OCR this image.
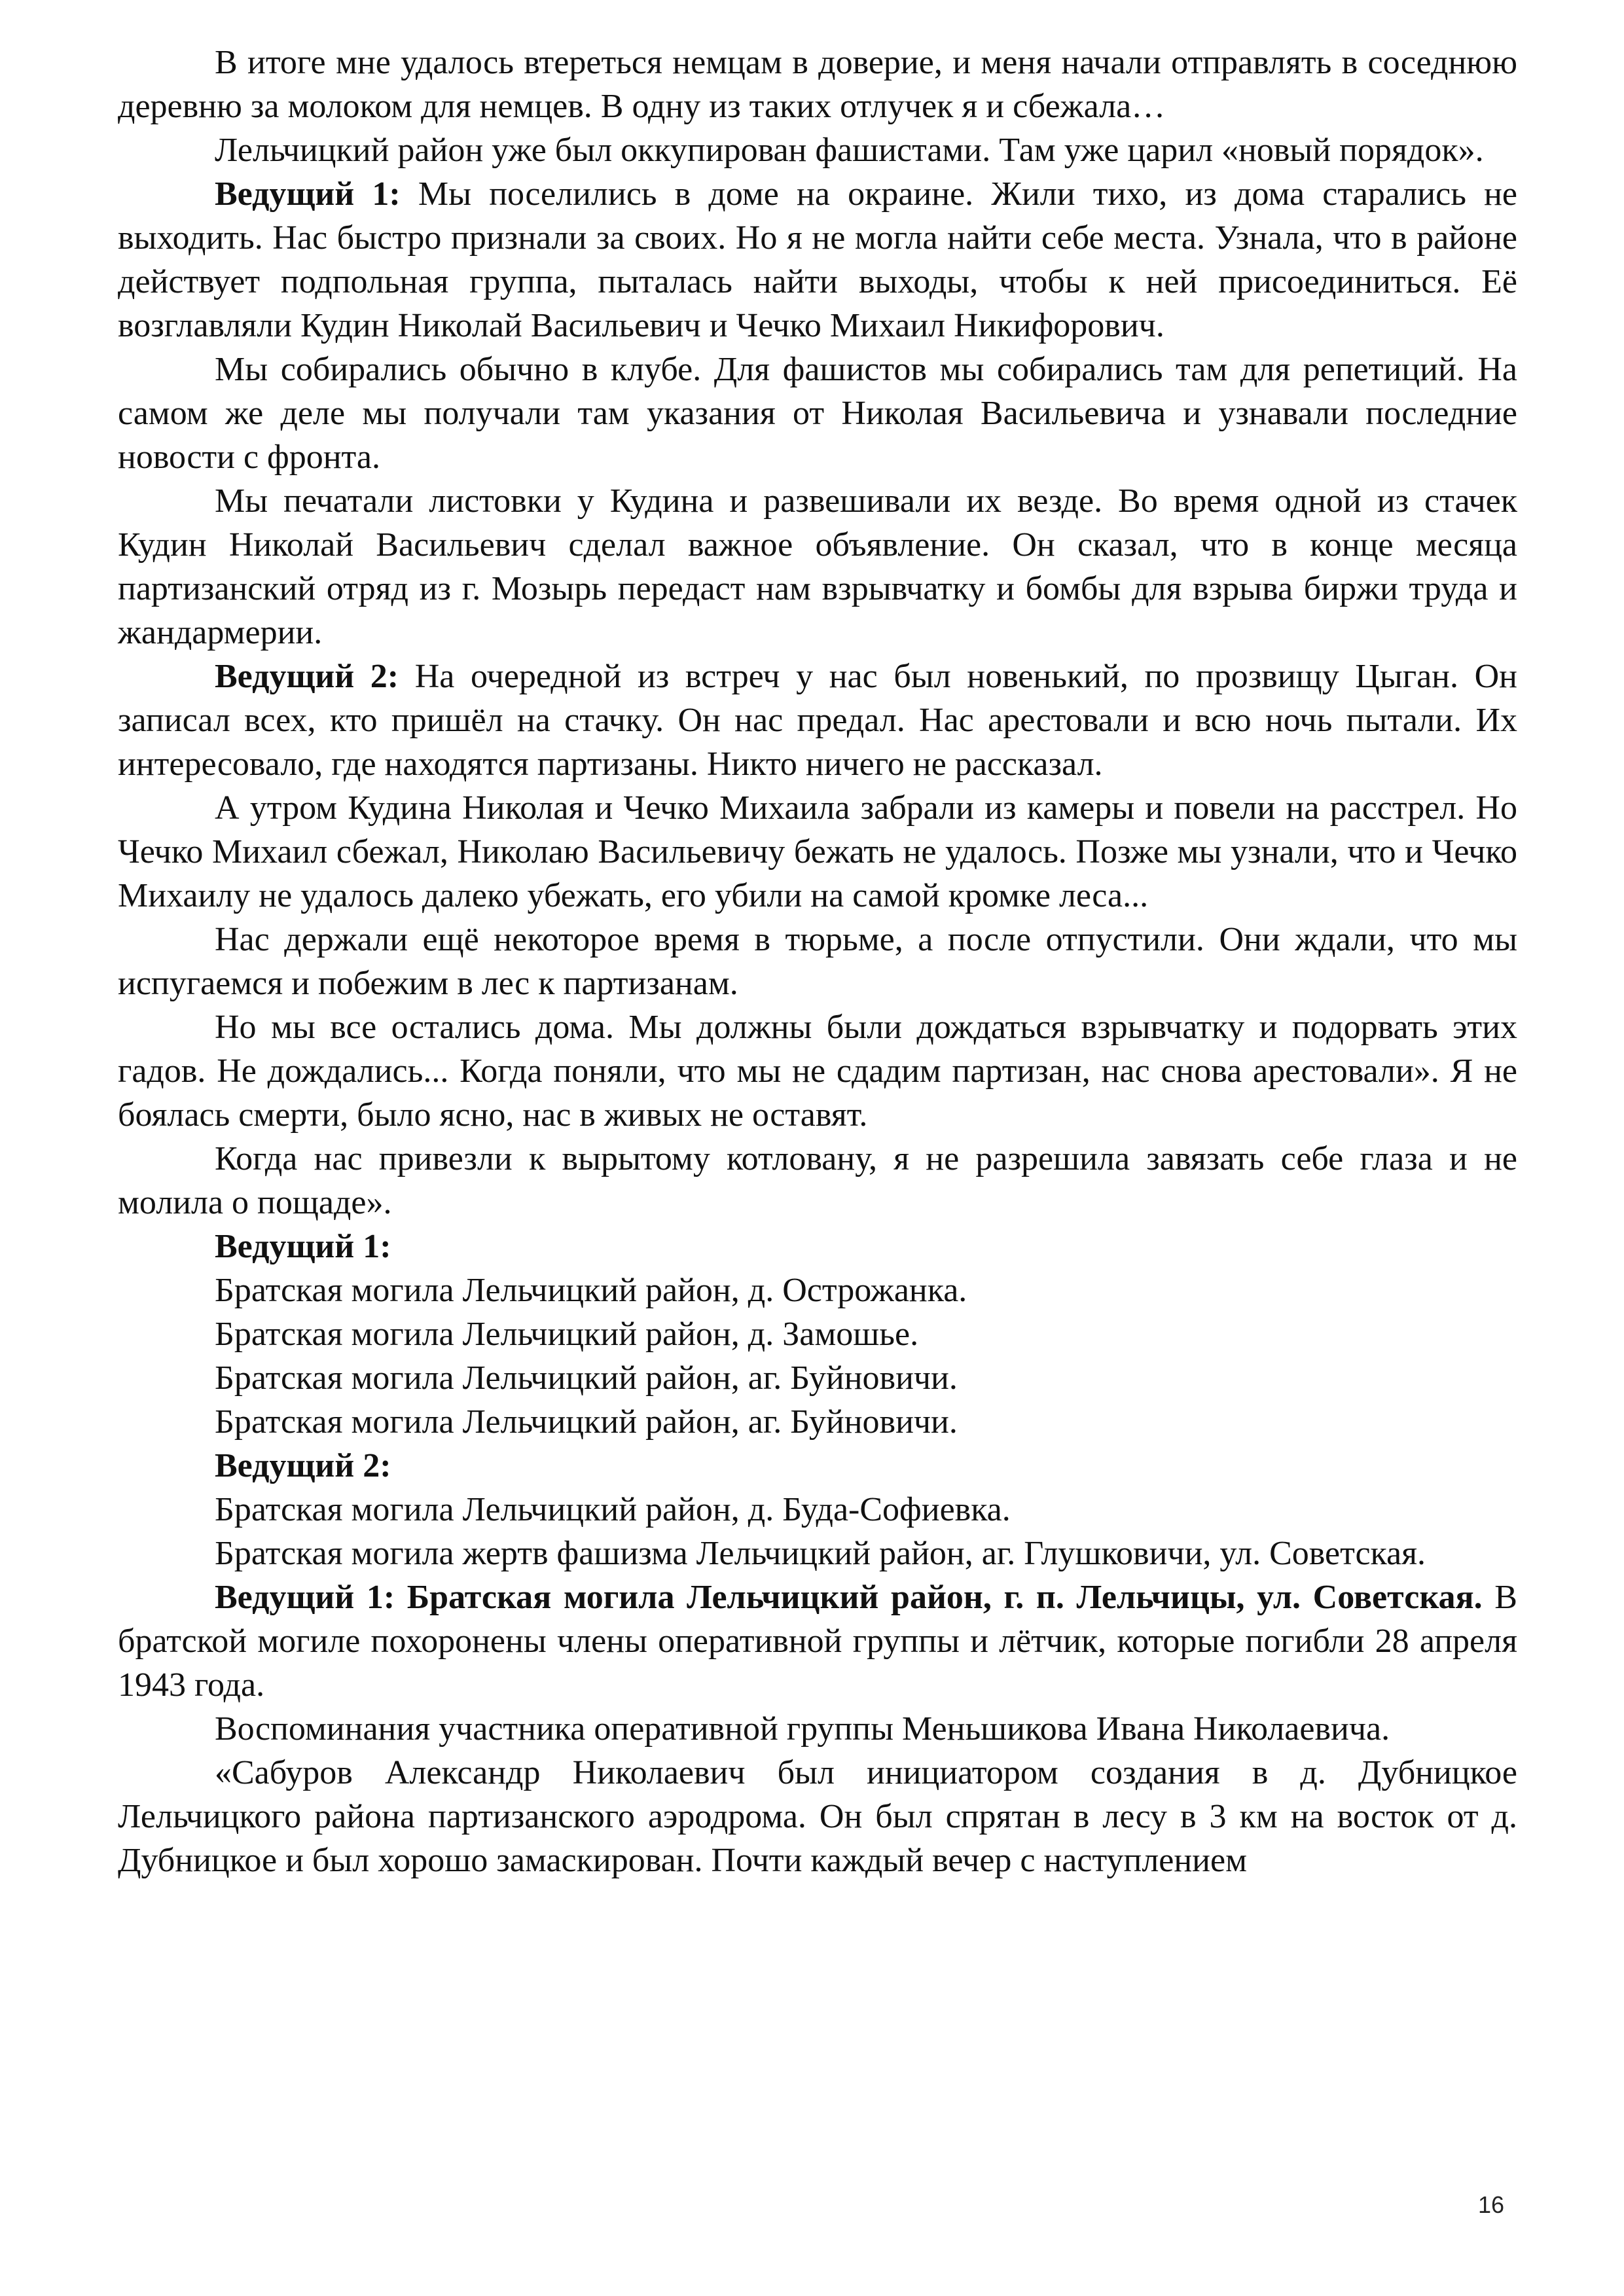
В итоге мне удалось втереться немцам в доверие, и меня начали отправлять в соседнюю деревню за молоком для немцев. В одну из таких отлучек я и сбежала…

Лельчицкий район уже был оккупирован фашистами. Там уже царил «новый порядок».

Ведущий 1: Мы поселились в доме на окраине. Жили тихо, из дома старались не выходить. Нас быстро признали за своих. Но я не могла найти себе места. Узнала, что в районе действует подпольная группа, пыталась найти выходы, чтобы к ней присоединиться. Её возглавляли Кудин Николай Васильевич и Чечко Михаил Никифорович.

Мы собирались обычно в клубе. Для фашистов мы собирались там для репетиций. На самом же деле мы получали там указания от Николая Васильевича и узнавали последние новости с фронта.

Мы печатали листовки у Кудина и развешивали их везде. Во время одной из стачек Кудин Николай Васильевич сделал важное объявление. Он сказал, что в конце месяца партизанский отряд из г. Мозырь передаст нам взрывчатку и бомбы для взрыва биржи труда и жандармерии.

Ведущий 2: На очередной из встреч у нас был новенький, по прозвищу Цыган. Он записал всех, кто пришёл на стачку. Он нас предал. Нас арестовали и всю ночь пытали. Их интересовало, где находятся партизаны. Никто ничего не рассказал.

А утром Кудина Николая и Чечко Михаила забрали из камеры и повели на расстрел. Но Чечко Михаил сбежал, Николаю Васильевичу бежать не удалось. Позже мы узнали, что и Чечко Михаилу не удалось далеко убежать, его убили на самой кромке леса...

Нас держали ещё некоторое время в тюрьме, а после отпустили. Они ждали, что мы испугаемся и побежим в лес к партизанам.

Но мы все остались дома. Мы должны были дождаться взрывчатку и подорвать этих гадов. Не дождались... Когда поняли, что мы не сдадим партизан, нас снова арестовали». Я не боялась смерти, было ясно, нас в живых не оставят.

Когда нас привезли к вырытому котловану, я не разрешила завязать себе глаза и не молила о пощаде».

Ведущий 1:

Братская могила Лельчицкий район, д. Острожанка.

Братская могила Лельчицкий район, д. Замошье.

Братская могила Лельчицкий район, аг. Буйновичи.

Братская могила Лельчицкий район, аг. Буйновичи.

Ведущий 2:

Братская могила Лельчицкий район, д. Буда-Софиевка.

Братская могила жертв фашизма Лельчицкий район, аг. Глушковичи, ул. Советская.

Ведущий 1: Братская могила Лельчицкий район, г. п. Лельчицы, ул. Советская. В братской могиле похоронены члены оперативной группы и лётчик, которые погибли 28 апреля 1943 года.

Воспоминания участника оперативной группы Меньшикова Ивана Николаевича.

«Сабуров Александр Николаевич был инициатором создания в д. Дубницкое Лельчицкого района партизанского аэродрома. Он был спрятан в лесу в 3 км на восток от д. Дубницкое и был хорошо замаскирован. Почти каждый вечер с наступлением

16
